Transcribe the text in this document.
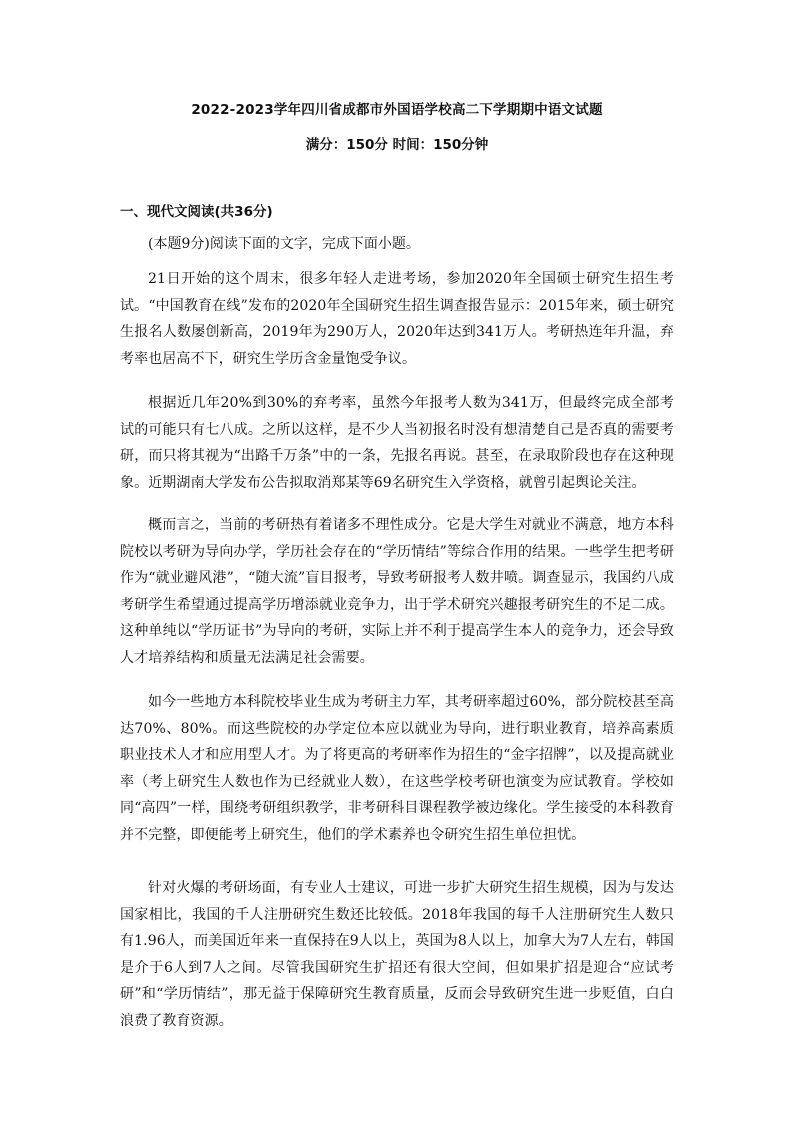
2022-2023学年四川省成都市外国语学校高二下学期期中语文试题
满分：150分 时间：150分钟
一、现代文阅读(共36分)

(本题9分)阅读下面的文字，完成下面小题。

21日开始的这个周末，很多年轻人走进考场，参加2020年全国硕士研究生招生考试。“中国教育在线”发布的2020年全国研究生招生调查报告显示：2015年来，硕士研究生报名人数屡创新高，2019年为290万人，2020年达到341万人。考研热连年升温，弃考率也居高不下，研究生学历含金量饱受争议。

根据近几年20%到30%的弃考率，虽然今年报考人数为341万，但最终完成全部考试的可能只有七八成。之所以这样，是不少人当初报名时没有想清楚自己是否真的需要考研，而只将其视为“出路千万条”中的一条，先报名再说。甚至，在录取阶段也存在这种现象。近期湖南大学发布公告拟取消郑某等69名研究生入学资格，就曾引起舆论关注。

概而言之，当前的考研热有着诸多不理性成分。它是大学生对就业不满意，地方本科院校以考研为导向办学，学历社会存在的“学历情结”等综合作用的结果。一些学生把考研作为“就业避风港”，“随大流”盲目报考，导致考研报考人数井喷。调查显示，我国约八成考研学生希望通过提高学历增添就业竞争力，出于学术研究兴趣报考研究生的不足二成。这种单纯以“学历证书”为导向的考研，实际上并不利于提高学生本人的竞争力，还会导致人才培养结构和质量无法满足社会需要。

如今一些地方本科院校毕业生成为考研主力军，其考研率超过60%，部分院校甚至高达70%、80%。而这些院校的办学定位本应以就业为导向，进行职业教育，培养高素质职业技术人才和应用型人才。为了将更高的考研率作为招生的“金字招牌”，以及提高就业率（考上研究生人数也作为已经就业人数），在这些学校考研也演变为应试教育。学校如同“高四”一样，围绕考研组织教学，非考研科目课程教学被边缘化。学生接受的本科教育并不完整，即便能考上研究生，他们的学术素养也令研究生招生单位担忧。

针对火爆的考研场面，有专业人士建议，可进一步扩大研究生招生规模，因为与发达国家相比，我国的千人注册研究生数还比较低。2018年我国的每千人注册研究生人数只有1.96人，而美国近年来一直保持在9人以上，英国为8人以上，加拿大为7人左右，韩国是介于6人到7人之间。尽管我国研究生扩招还有很大空间，但如果扩招是迎合“应试考研”和“学历情结”，那无益于保障研究生教育质量，反而会导致研究生进一步贬值，白白浪费了教育资源。
